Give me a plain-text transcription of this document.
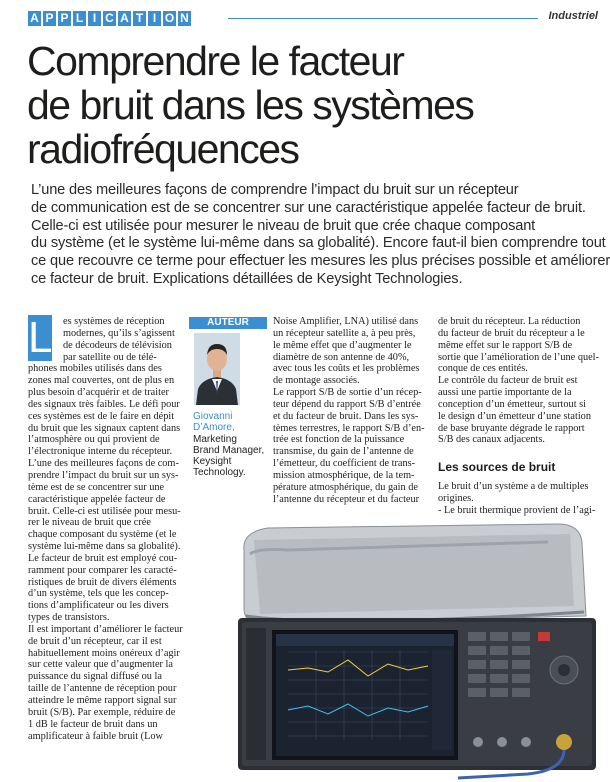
A P P L I C A T I O N	Industriel
Comprendre le facteur
de bruit dans les systèmes
radiofréquences
L’une des meilleures façons de comprendre l’impact du bruit sur un récepteur
de communication est de se concentrer sur une caractéristique appelée facteur de bruit.
Celle-ci est utilisée pour mesurer le niveau de bruit que crée chaque composant
du système (et le système lui-même dans sa globalité). Encore faut-il bien comprendre tout
ce que recouvre ce terme pour effectuer les mesures les plus précises possible et améliorer
ce facteur de bruit. Explications détaillées de Keysight Technologies.
L es systèmes de réception

modernes, qu’ils s’agissent

de décodeurs de télévision

par satellite ou de télé-

phones mobiles utilisés dans des

zones mal couvertes, ont de plus en

plus besoin d’acquérir et de traiter

des signaux très faibles. Le défi pour

ces systèmes est de le faire en dépit

du bruit que les signaux captent dans

l’atmosphère ou qui provient de

l’électronique interne du récepteur.

L’une des meilleures façons de com-

prendre l’impact du bruit sur un sys-

tème est de se concentrer sur une

caractéristique appelée facteur de

bruit. Celle-ci est utilisée pour mesu-

rer le niveau de bruit que crée

chaque composant du système (et le

système lui-même dans sa globalité).

Le facteur de bruit est employé cou-

ramment pour comparer les caracté-

ristiques de bruit de divers éléments

d’un système, tels que les concep-

tions d’amplificateur ou les divers

types de transistors.

Il est important d’améliorer le facteur

de bruit d’un récepteur, car il est

habituellement moins onéreux d’agir

sur cette valeur que d’augmenter la

puissance du signal diffusé ou la

taille de l’antenne de réception pour

atteindre le même rapport signal sur

bruit (S/B). Par exemple, réduire de

1 dB le facteur de bruit dans un

amplificateur à faible bruit (Low

AUTEUR
Giovanni
D’Amore,
Marketing
Brand Manager,
Keysight
Technology.

Noise Amplifier, LNA) utilisé dans

un récepteur satellite a, à peu près,

le même effet que d’augmenter le

diamètre de son antenne de 40%,

avec tous les coûts et les problèmes

de montage associés.

Le rapport S/B de sortie d’un récep-

teur dépend du rapport S/B d’entrée

et du facteur de bruit. Dans les sys-

tèmes terrestres, le rapport S/B d’en-

trée est fonction de la puissance

transmise, du gain de l’antenne de

l’émetteur, du coefficient de trans-

mission atmosphérique, de la tem-

pérature atmosphérique, du gain de

l’antenne du récepteur et du facteur

de bruit du récepteur. La réduction

du facteur de bruit du récepteur a le

même effet sur le rapport S/B de

sortie que l’amélioration de l’une quel-

conque de ces entités.

Le contrôle du facteur de bruit est

aussi une partie importante de la

conception d’un émetteur, surtout si

le design d’un émetteur d’une station

de base bruyante dégrade le rapport

S/B des canaux adjacents.

Les sources de bruit

Le bruit d’un système a de multiples

origines.

- Le bruit thermique provient de l’agi-
